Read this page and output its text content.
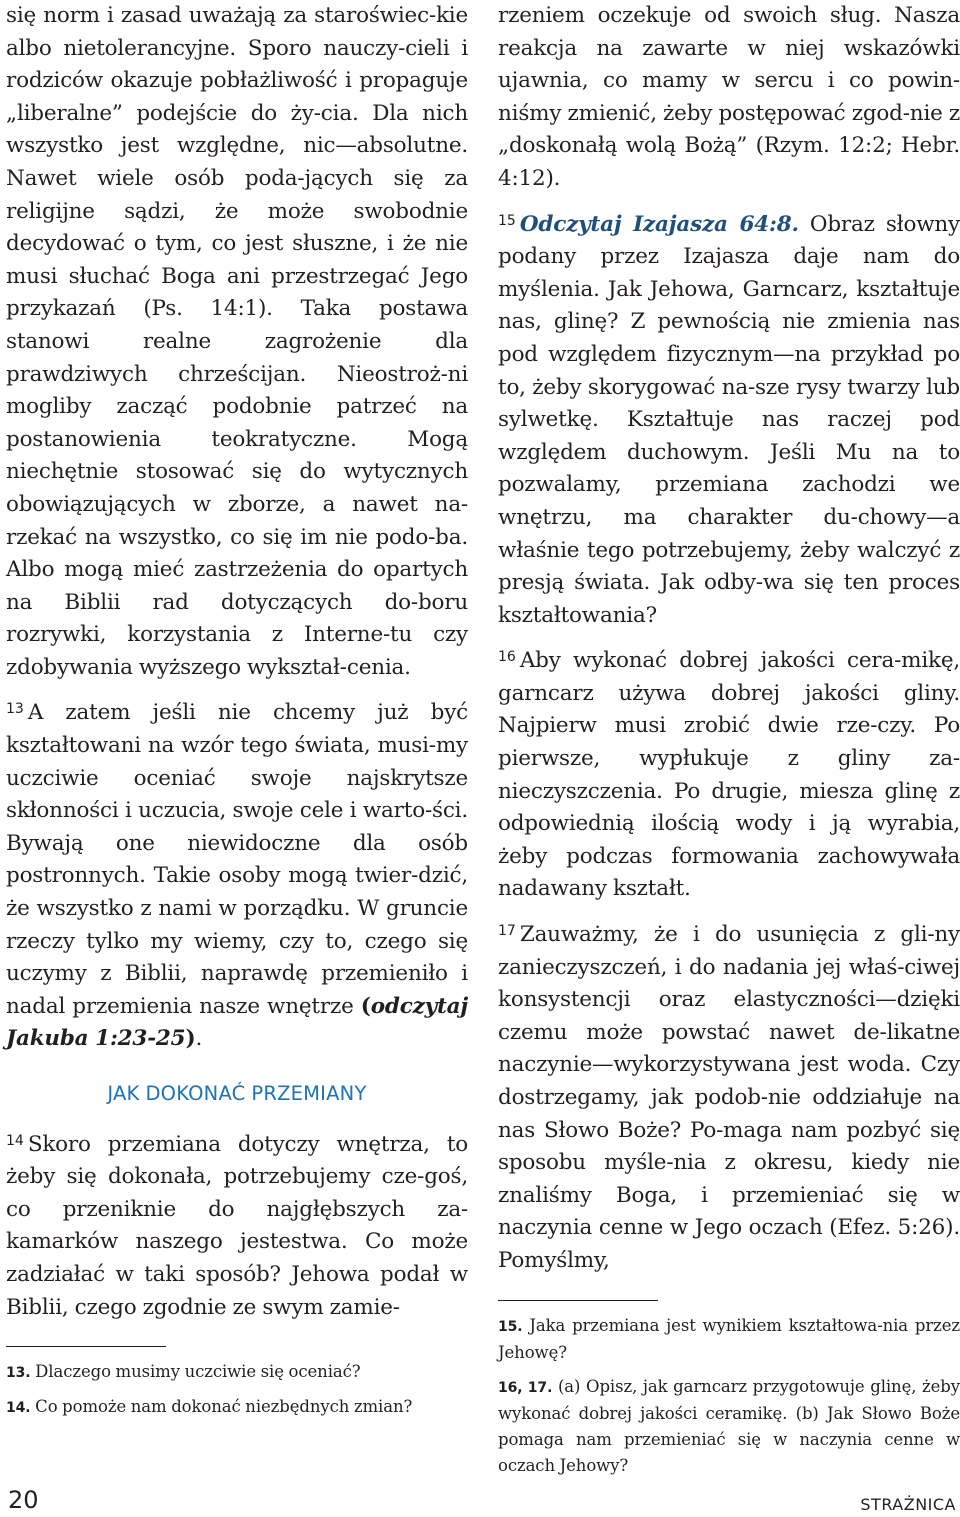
się norm i zasad uważają za staroświec-kie albo nietolerancyjne. Sporo nauczy-cieli i rodziców okazuje pobłażliwość i propaguje „liberalne” podejście do ży-cia. Dla nich wszystko jest względne, nic—absolutne. Nawet wiele osób poda-jących się za religijne sądzi, że może swobodnie decydować o tym, co jest słuszne, i że nie musi słuchać Boga ani przestrzegać Jego przykazań (Ps. 14:1). Taka postawa stanowi realne zagrożenie dla prawdziwych chrześcijan. Nieostroż-ni mogliby zacząć podobnie patrzeć na postanowienia teokratyczne. Mogą niechętnie stosować się do wytycznych obowiązujących w zborze, a nawet na-rzekać na wszystko, co się im nie podo-ba. Albo mogą mieć zastrzeżenia do opartych na Biblii rad dotyczących do-boru rozrywki, korzystania z Interne-tu czy zdobywania wyższego wykształ-cenia.

$^{13}$ A zatem jeśli nie chcemy już być kształtowani na wzór tego świata, musi-my uczciwie oceniać swoje najskrytsze skłonności i uczucia, swoje cele i warto-ści. Bywają one niewidoczne dla osób postronnych. Takie osoby mogą twier-dzić, że wszystko z nami w porządku. W gruncie rzeczy tylko my wiemy, czy to, czego się uczymy z Biblii, naprawdę przemieniło i nadal przemienia nasze wnętrze (odczytaj Jakuba 1:23-25).

JAK DOKONAĆ PRZEMIANY

$^{14}$ Skoro przemiana dotyczy wnętrza, to żeby się dokonała, potrzebujemy cze-goś, co przeniknie do najgłębszych za-kamarków naszego jestestwa. Co może zadziałać w taki sposób? Jehowa podał w Biblii, czego zgodnie ze swym zamie-

13. Dlaczego musimy uczciwie się oceniać?
14. Co pomoże nam dokonać niezbędnych zmian?

rzeniem oczekuje od swoich sług. Nasza reakcja na zawarte w niej wskazówki ujawnia, co mamy w sercu i co powin-niśmy zmienić, żeby postępować zgod-nie z „doskonałą wolą Bożą” (Rzym. 12:2; Hebr. 4:12).

$^{15}$ Odczytaj Izajasza 64:8. Obraz słowny podany przez Izajasza daje nam do myślenia. Jak Jehowa, Garncarz, kształtuje nas, glinę? Z pewnością nie zmienia nas pod względem fizycznym—na przykład po to, żeby skorygować na-sze rysy twarzy lub sylwetkę. Kształtuje nas raczej pod względem duchowym. Jeśli Mu na to pozwalamy, przemiana zachodzi we wnętrzu, ma charakter du-chowy—a właśnie tego potrzebujemy, żeby walczyć z presją świata. Jak odby-wa się ten proces kształtowania?

$^{16}$ Aby wykonać dobrej jakości cera-mikę, garncarz używa dobrej jakości gliny. Najpierw musi zrobić dwie rze-czy. Po pierwsze, wypłukuje z gliny za-nieczyszczenia. Po drugie, miesza glinę z odpowiednią ilością wody i ją wyrabia, żeby podczas formowania zachowywała nadawany kształt.

$^{17}$ Zauważmy, że i do usunięcia z gli-ny zanieczyszczeń, i do nadania jej właś-ciwej konsystencji oraz elastyczności—dzięki czemu może powstać nawet de-likatne naczynie—wykorzystywana jest woda. Czy dostrzegamy, jak podob-nie oddziałuje na nas Słowo Boże? Po-maga nam pozbyć się sposobu myśle-nia z okresu, kiedy nie znaliśmy Boga, i przemieniać się w naczynia cenne w Jego oczach (Efez. 5:26). Pomyślmy,

15. Jaka przemiana jest wynikiem kształtowa-nia przez Jehowę?
16, 17. (a) Opisz, jak garncarz przygotowuje glinę, żeby wykonać dobrej jakości ceramikę. (b) Jak Słowo Boże pomaga nam przemieniać się w naczynia cenne w oczach Jehowy?
20	STRAŻNICA
